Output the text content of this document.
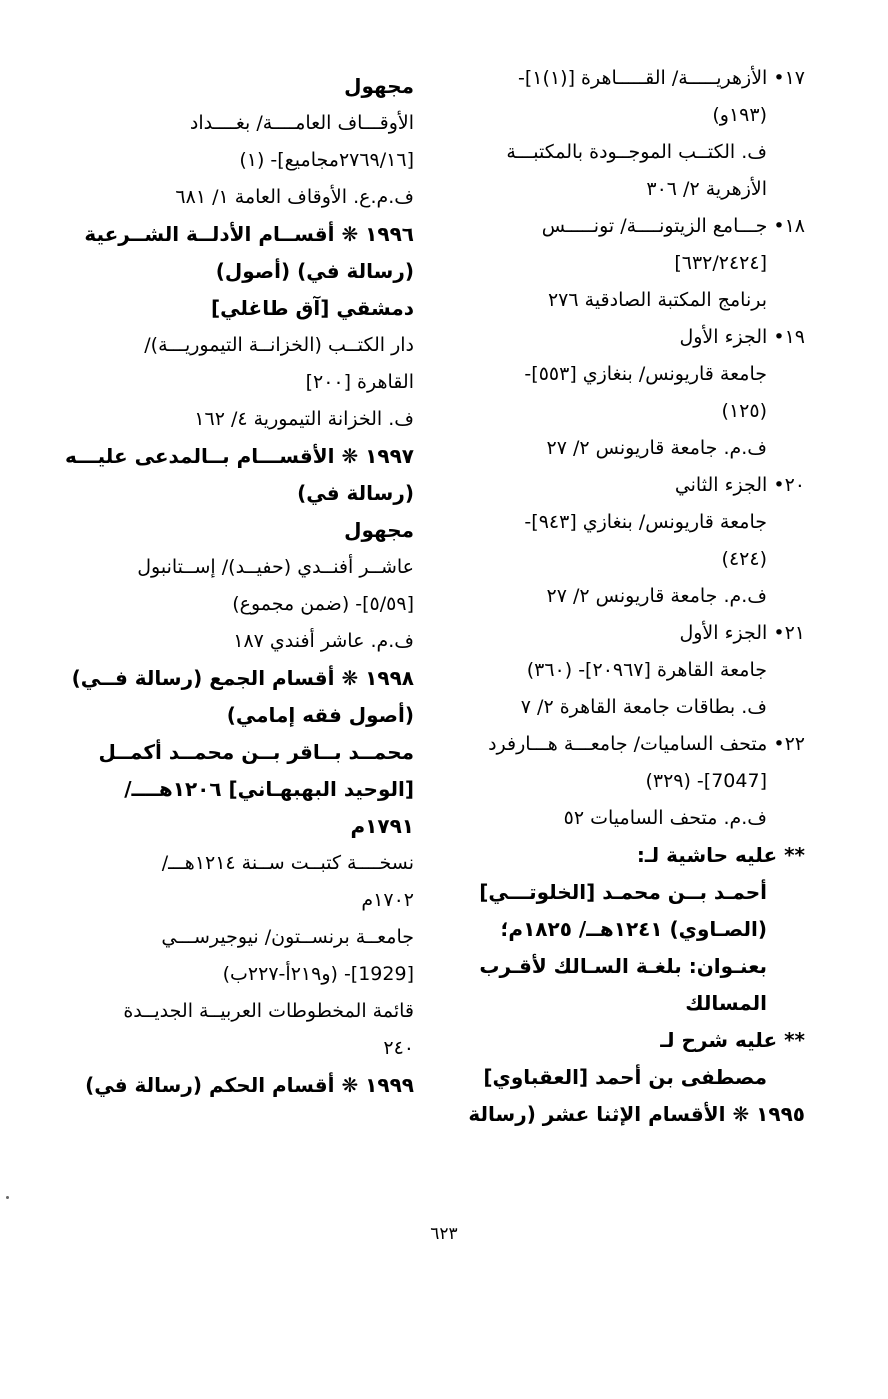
١٧• الأزهريـــــة/ القـــــاهرة [(١)١]-
(١٩٣و)
ف. الكتــب الموجــودة بالمكتبـــة
الأزهرية ٢/ ٣٠٦
١٨• جـــامع الزيتونــــة/ تونـــــس
[٦٣٢/٢٤٢٤]
برنامج المكتبة الصادقية ٢٧٦
١٩• الجزء الأول
جامعة قاريونس/ بنغازي [٥٥٣]-
(١٢٥)
ف.م. جامعة قاريونس ٢/ ٢٧
٢٠• الجزء الثاني
جامعة قاريونس/ بنغازي [٩٤٣]-
(٤٢٤)
ف.م. جامعة قاريونس ٢/ ٢٧
٢١• الجزء الأول
جامعة القاهرة [٢٠٩٦٧]- (٣٦٠)
ف. بطاقات جامعة القاهرة ٢/ ٧
٢٢• متحف الساميات/ جامعـــة هـــارفرد
[7047]- (٣٢٩)
ف.م. متحف الساميات ٥٢
** عليه حاشية لـ:
أحمـد بــن محمـد [الخلوتـــي]
(الصـاوي) ١٢٤١هــ/ ١٨٢٥م؛
بعنـوان: بلغـة السـالك لأقـرب
المسالك
** عليه شرح لـ
مصطفى بن أحمد [العقباوي]
١٩٩٥ ❋ الأقسام الإثنا عشر (رسالة
مجهول
الأوقـــاف العامــــة/ بغــــداد
[٢٧٦٩/١٦مجاميع]- (١)
ف.م.ع. الأوقاف العامة ١/ ٦٨١
١٩٩٦ ❋ أقســام الأدلــة الشــرعية
(رسالة في) (أصول)
دمشقي [آق طاغلي]
دار الكتــب (الخزانــة التيموريـــة)/
القاهرة [٢٠٠]
ف. الخزانة التيمورية ٤/ ١٦٢
١٩٩٧ ❋ الأقســـام بــالمدعى عليـــه
(رسالة في)
مجهول
عاشــر أفنــدي (حفيــد)/ إســتانبول
[٥/٥٩]- (ضمن مجموع)
ف.م. عاشر أفندي ١٨٧
١٩٩٨ ❋ أقسام الجمع (رسالة فــي)
(أصول فقه إمامي)
محمــد بــاقر بــن محمــد أكمــل
[الوحيد البهبهـاني] ١٢٠٦هــــ/
١٧٩١م
نسخــــة كتبــت ســنة ١٢١٤هـــ/
١٧٠٢م
جامعــة برنســتون/ نيوجيرســـي
[1929]- (و٢١٩أ-٢٢٧ب)
قائمة المخطوطات العربيــة الجديــدة
٢٤٠
١٩٩٩ ❋ أقسام الحكم (رسالة في)
٦٢٣
